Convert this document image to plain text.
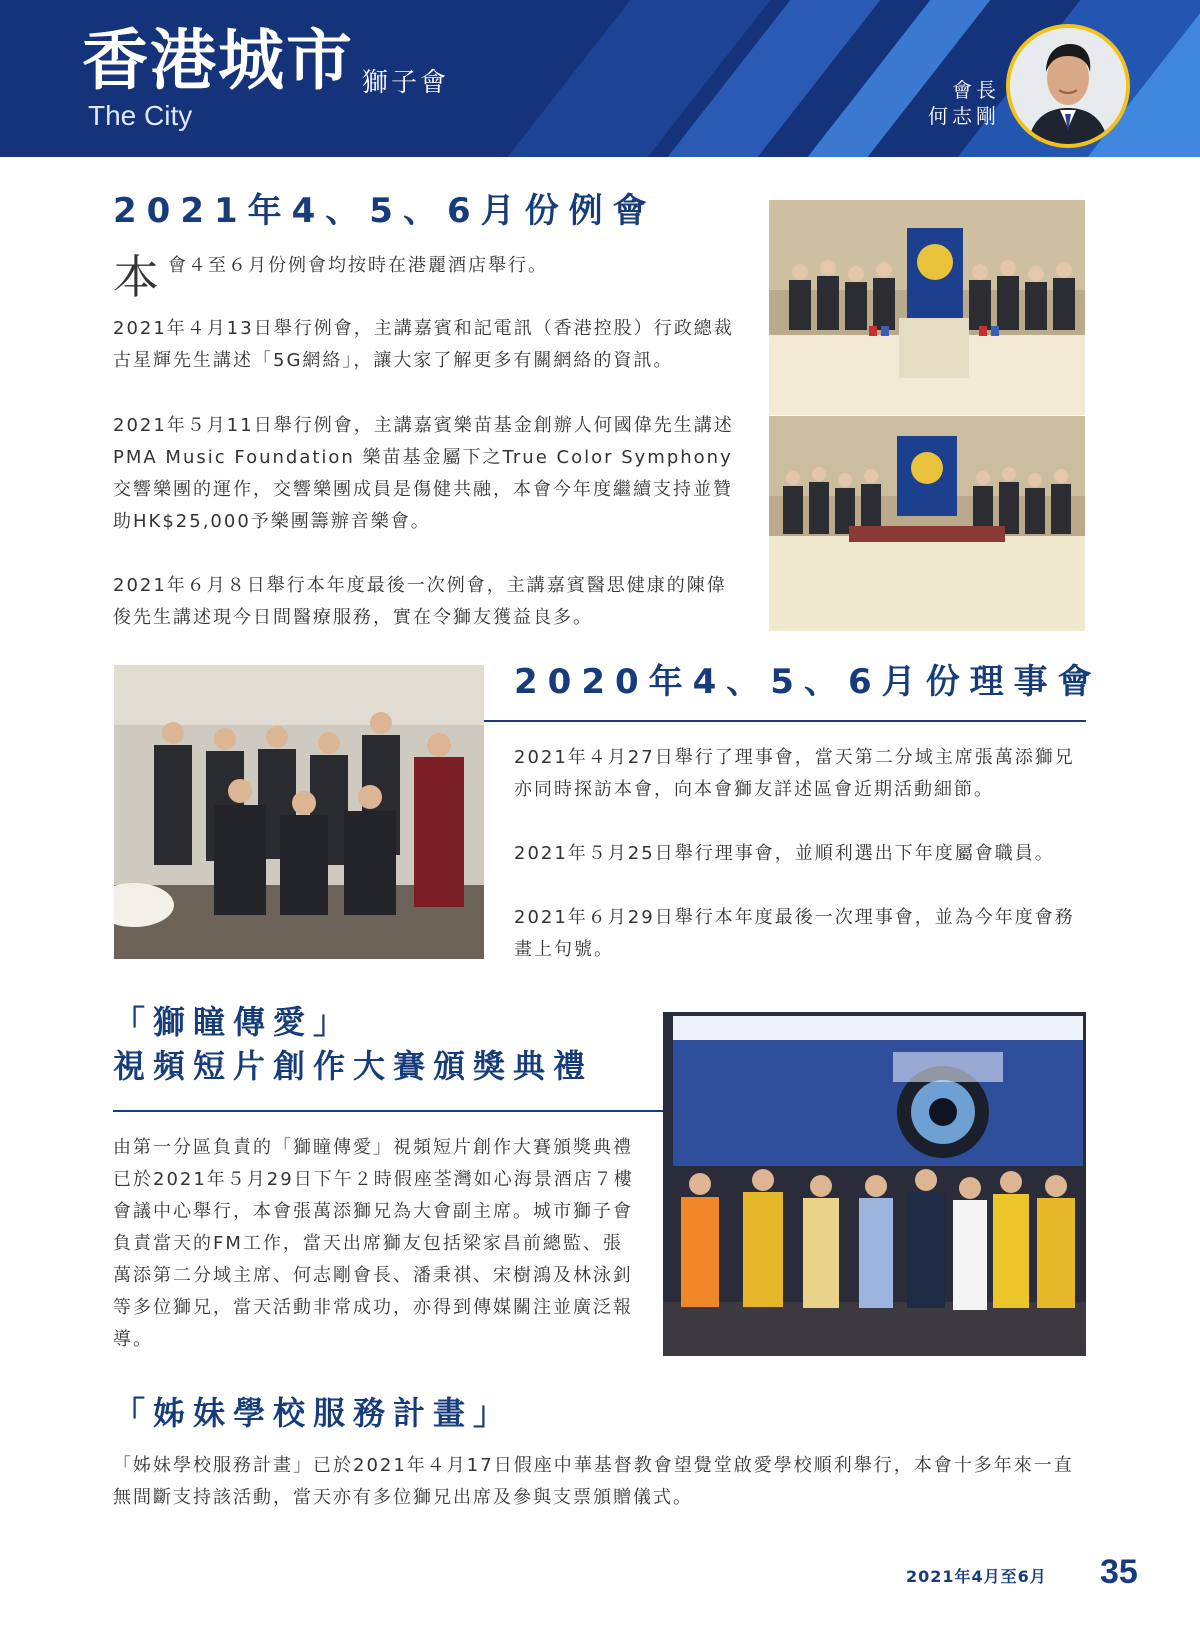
香港城市 獅子會
The City
會長
何志剛
2021年4、5、6月份例會
本 會４至６月份例會均按時在港麗酒店舉行。
2021年４月13日舉行例會，主講嘉賓和記電訊（香港控股）行政總裁古星輝先生講述「5G網絡」，讓大家了解更多有關網絡的資訊。
2021年５月11日舉行例會，主講嘉賓樂苗基金創辦人何國偉先生講述 PMA Music Foundation 樂苗基金屬下之True Color Symphony交響樂團的運作，交響樂團成員是傷健共融，本會今年度繼續支持並贊助HK$25,000予樂團籌辦音樂會。
2021年６月８日舉行本年度最後一次例會，主講嘉賓醫思健康的陳偉俊先生講述現今日間醫療服務，實在令獅友獲益良多。
2020年4、5、6月份理事會
2021年４月27日舉行了理事會，當天第二分域主席張萬添獅兄亦同時探訪本會，向本會獅友詳述區會近期活動細節。
2021年５月25日舉行理事會，並順利選出下年度屬會職員。
2021年６月29日舉行本年度最後一次理事會，並為今年度會務畫上句號。
「獅瞳傳愛」
視頻短片創作大賽頒獎典禮
由第一分區負責的「獅瞳傳愛」視頻短片創作大賽頒獎典禮已於2021年５月29日下午２時假座荃灣如心海景酒店７樓會議中心舉行，本會張萬添獅兄為大會副主席。城市獅子會負責當天的FM工作，當天出席獅友包括梁家昌前總監、張萬添第二分域主席、何志剛會長、潘秉祺、宋樹鴻及林泳釗等多位獅兄，當天活動非常成功，亦得到傳媒關注並廣泛報導。
「姊妹學校服務計畫」
「姊妹學校服務計畫」已於2021年４月17日假座中華基督教會望覺堂啟愛學校順利舉行，本會十多年來一直無間斷支持該活動，當天亦有多位獅兄出席及參與支票頒贈儀式。
2021年4月至6月 35
